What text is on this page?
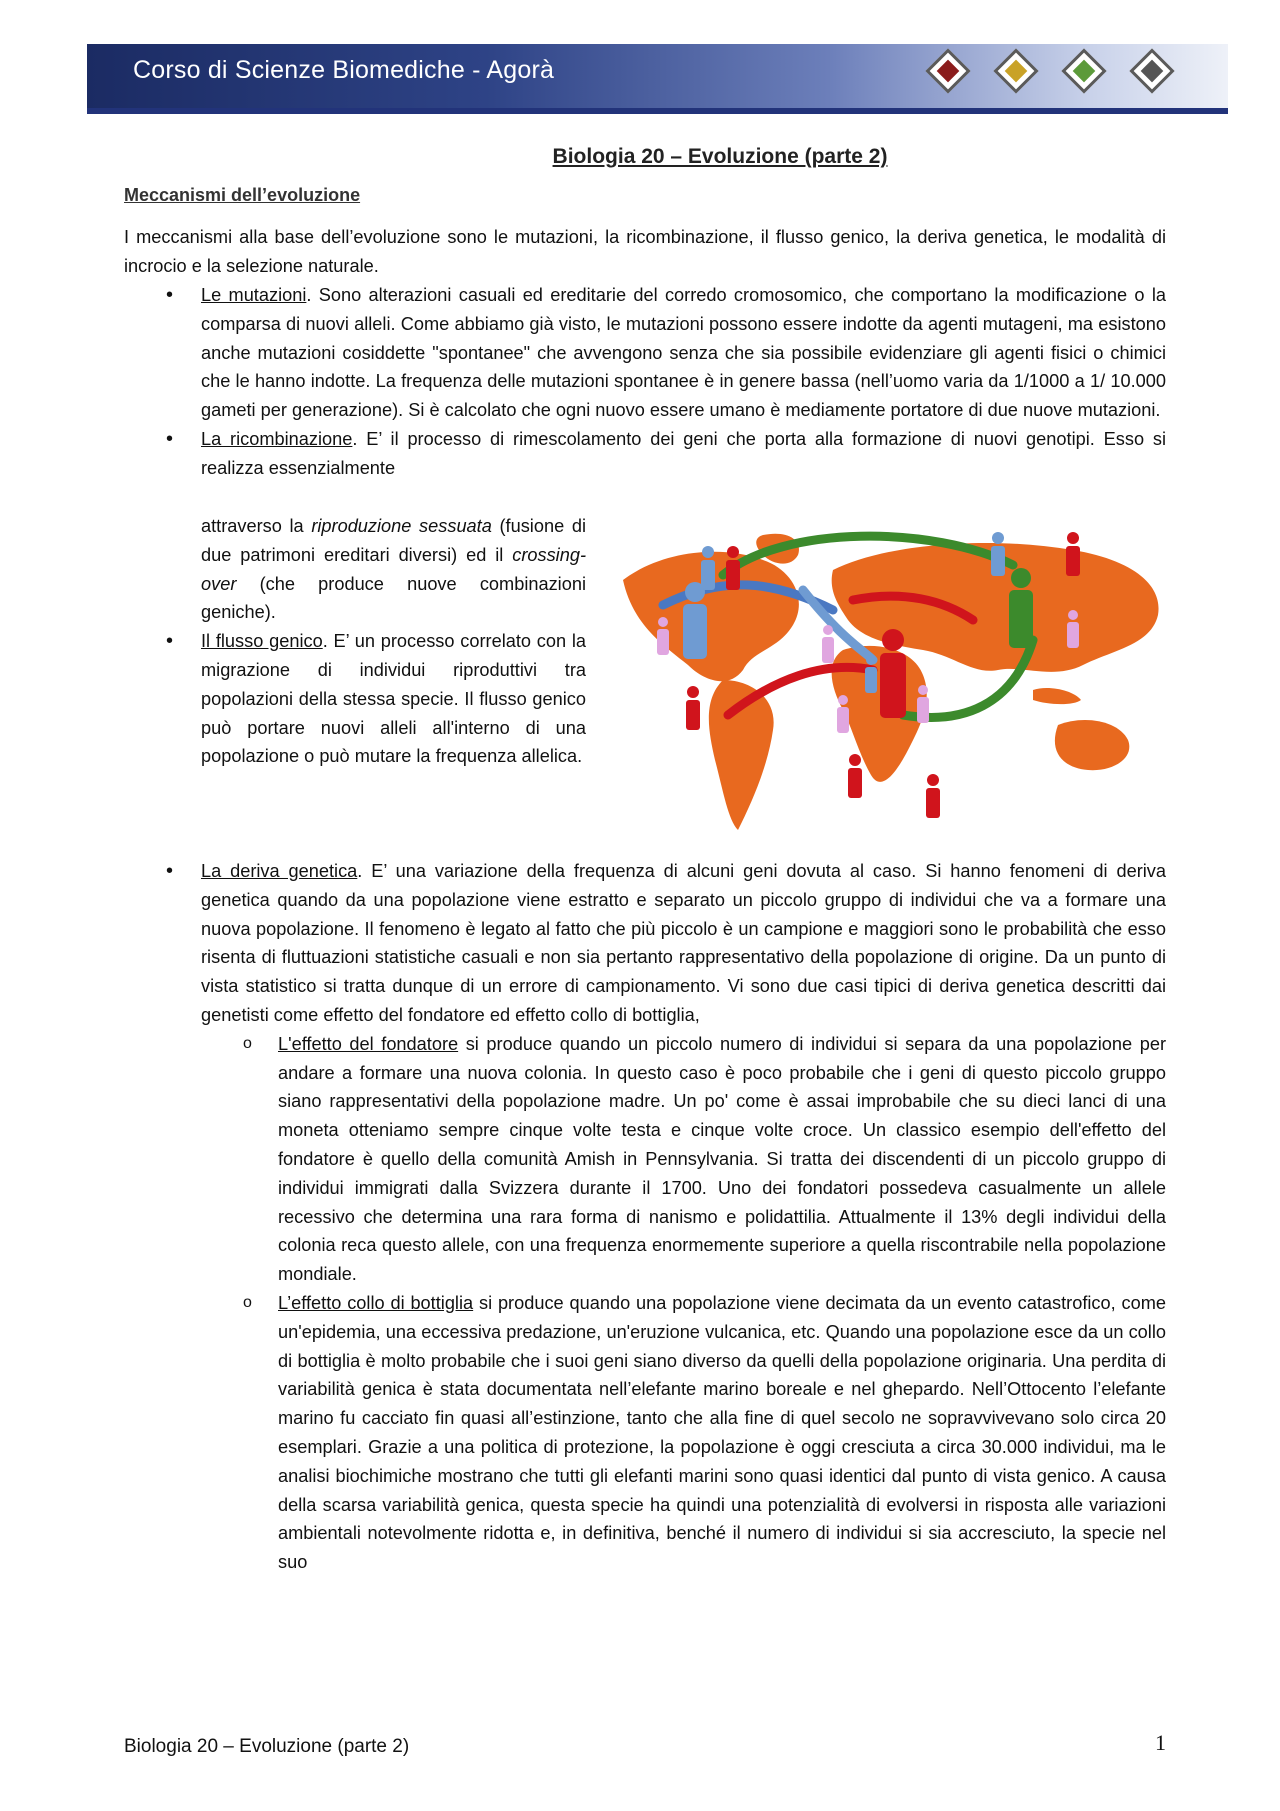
Corso di Scienze Biomediche - Agorà
Biologia 20 – Evoluzione (parte 2)
Meccanismi dell’evoluzione
I meccanismi alla base dell’evoluzione sono le mutazioni, la ricombinazione, il flusso genico, la deriva genetica, le modalità di incrocio e la selezione naturale.
• Le mutazioni. Sono alterazioni casuali ed ereditarie del corredo cromosomico, che comportano la modificazione o la comparsa di nuovi alleli. Come abbiamo già visto, le mutazioni possono essere indotte da agenti mutageni, ma esistono anche mutazioni cosiddette "spontanee" che avvengono senza che sia possibile evidenziare gli agenti fisici o chimici che le hanno indotte. La frequenza delle mutazioni spontanee è in genere bassa (nell’uomo varia da 1/1000 a 1/ 10.000 gameti per generazione). Si è calcolato che ogni nuovo essere umano è mediamente portatore di due nuove mutazioni.
• La ricombinazione. E’ il processo di rimescolamento dei geni che porta alla formazione di nuovi genotipi. Esso si realizza essenzialmente
attraverso la riproduzione sessuata (fusione di due patrimoni ereditari diversi) ed il crossing-over (che produce nuove combinazioni geniche).
• Il flusso genico. E’ un processo correlato con la migrazione di individui riproduttivi tra popolazioni della stessa specie. Il flusso genico può portare nuovi alleli all'interno di una popolazione o può mutare la frequenza allelica.
• La deriva genetica. E’ una variazione della frequenza di alcuni geni dovuta al caso. Si hanno fenomeni di deriva genetica quando da una popolazione viene estratto e separato un piccolo gruppo di individui che va a formare una nuova popolazione. Il fenomeno è legato al fatto che più piccolo è un campione e maggiori sono le probabilità che esso risenta di fluttuazioni statistiche casuali e non sia pertanto rappresentativo della popolazione di origine. Da un punto di vista statistico si tratta dunque di un errore di campionamento. Vi sono due casi tipici di deriva genetica descritti dai genetisti come effetto del fondatore ed effetto collo di bottiglia,
o L'effetto del fondatore si produce quando un piccolo numero di individui si separa da una popolazione per andare a formare una nuova colonia. In questo caso è poco probabile che i geni di questo piccolo gruppo siano rappresentativi della popolazione madre. Un po' come è assai improbabile che su dieci lanci di una moneta otteniamo sempre cinque volte testa e cinque volte croce. Un classico esempio dell'effetto del fondatore è quello della comunità Amish in Pennsylvania. Si tratta dei discendenti di un piccolo gruppo di individui immigrati dalla Svizzera durante il 1700. Uno dei fondatori possedeva casualmente un allele recessivo che determina una rara forma di nanismo e polidattilia. Attualmente il 13% degli individui della colonia reca questo allele, con una frequenza enormemente superiore a quella riscontrabile nella popolazione mondiale.
o L’effetto collo di bottiglia si produce quando una popolazione viene decimata da un evento catastrofico, come un'epidemia, una eccessiva predazione, un'eruzione vulcanica, etc. Quando una popolazione esce da un collo di bottiglia è molto probabile che i suoi geni siano diverso da quelli della popolazione originaria. Una perdita di variabilità genica è stata documentata nell’elefante marino boreale e nel ghepardo. Nell’Ottocento l’elefante marino fu cacciato fin quasi all’estinzione, tanto che alla fine di quel secolo ne sopravvivevano solo circa 20 esemplari. Grazie a una politica di protezione, la popolazione è oggi cresciuta a circa 30.000 individui, ma le analisi biochimiche mostrano che tutti gli elefanti marini sono quasi identici dal punto di vista genico. A causa della scarsa variabilità genica, questa specie ha quindi una potenzialità di evolversi in risposta alle variazioni ambientali notevolmente ridotta e, in definitiva, benché il numero di individui si sia accresciuto, la specie nel suo
Biologia 20 – Evoluzione (parte 2)	1
